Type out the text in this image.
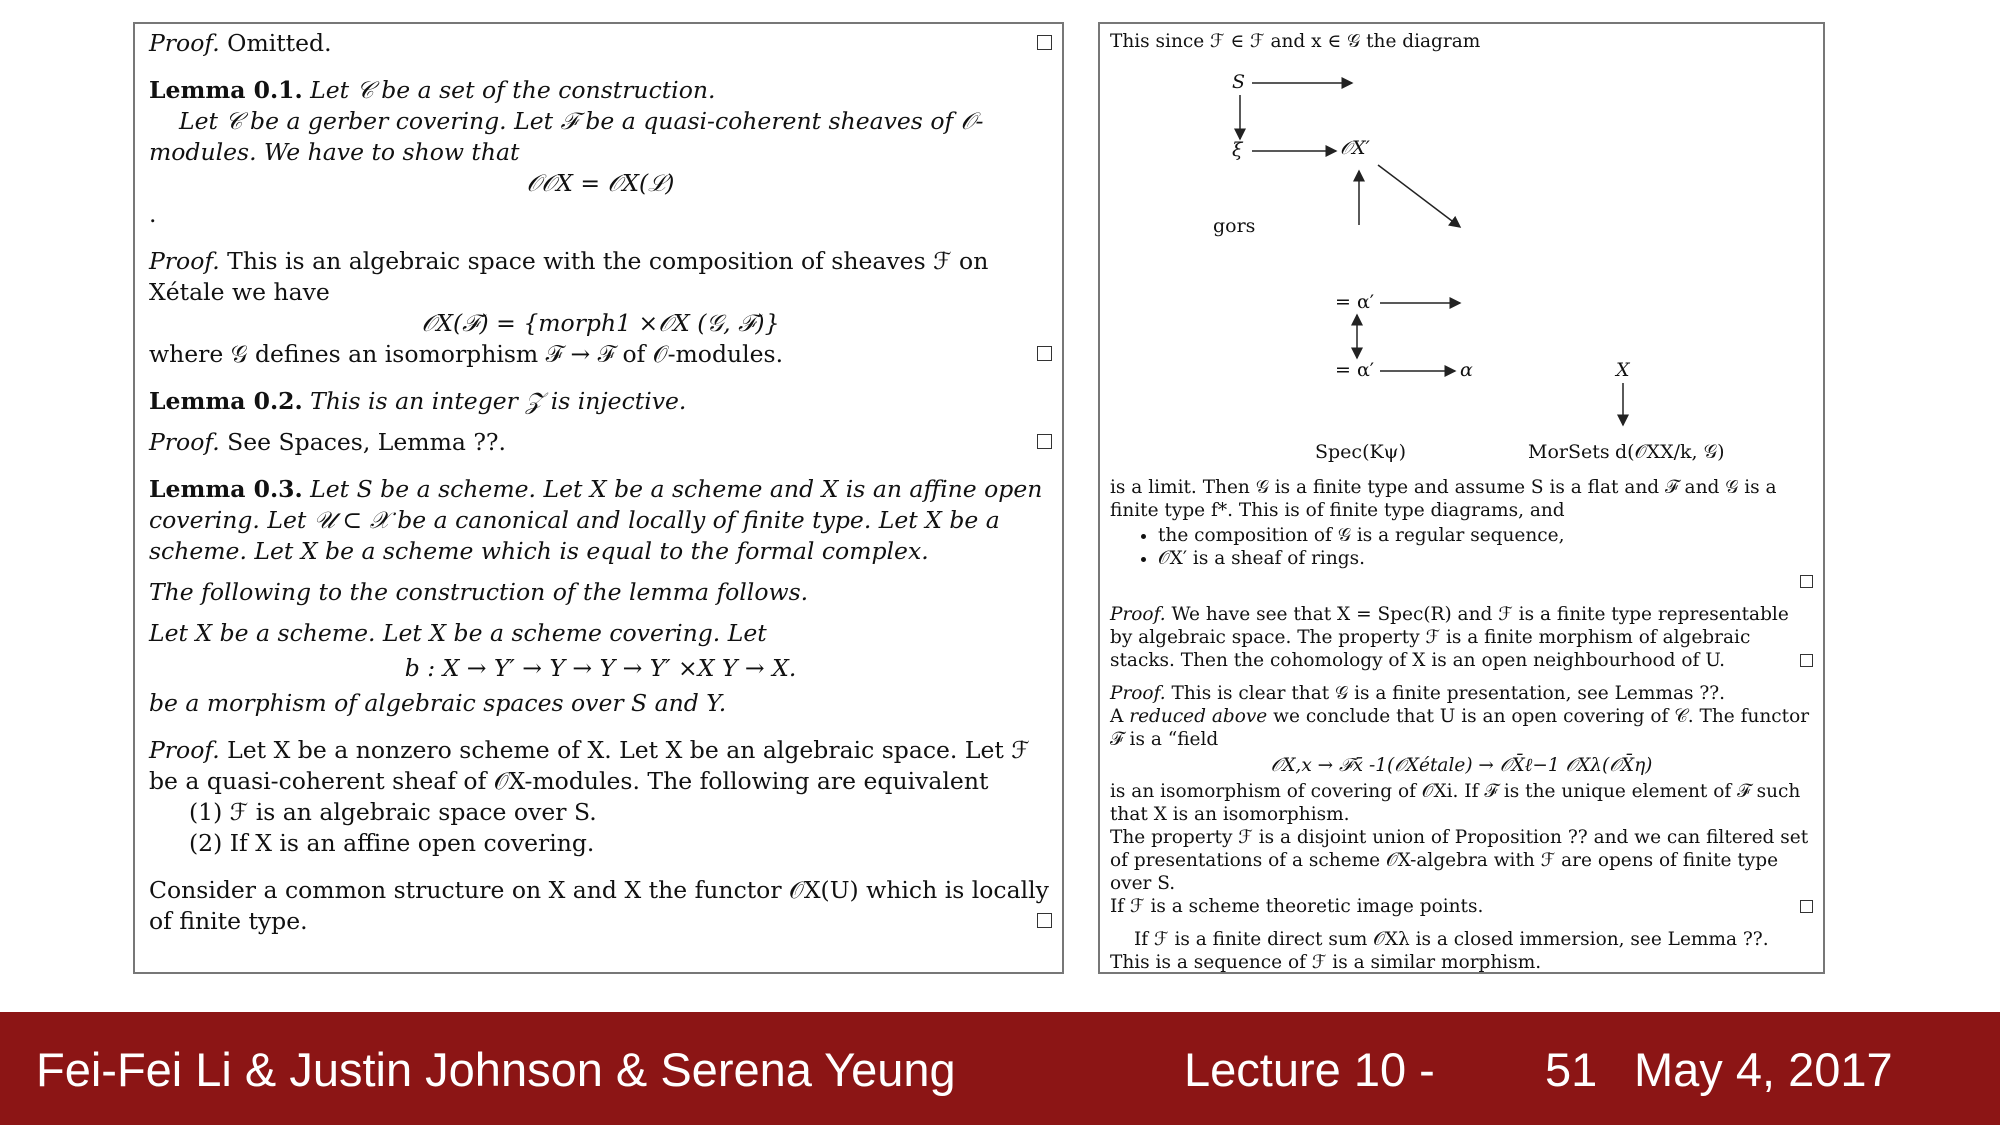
Proof. Omitted.

Lemma 0.1. Let 𝒞 be a set of the construction.

Let 𝒞 be a gerber covering. Let ℱ be a quasi-coherent sheaves of 𝒪-modules. We have to show that

𝒪𝒪X = 𝒪X(ℒ)

.

Proof. This is an algebraic space with the composition of sheaves ℱ on Xétale we have

𝒪X(ℱ) = {morph1 ×𝒪X (𝒢, ℱ)}

where 𝒢 defines an isomorphism ℱ → ℱ of 𝒪-modules.

Lemma 0.2. This is an integer 𝒵 is injective.

Proof. See Spaces, Lemma ??.

Lemma 0.3. Let S be a scheme. Let X be a scheme and X is an affine open covering. Let 𝒰 ⊂ 𝒳 be a canonical and locally of finite type. Let X be a scheme. Let X be a scheme which is equal to the formal complex.

The following to the construction of the lemma follows.

Let X be a scheme. Let X be a scheme covering. Let

b : X → Y′ → Y → Y → Y′ ×X Y → X.

be a morphism of algebraic spaces over S and Y.

Proof. Let X be a nonzero scheme of X. Let X be an algebraic space. Let ℱ be a quasi-coherent sheaf of 𝒪X-modules. The following are equivalent

(1) ℱ is an algebraic space over S.

(2) If X is an affine open covering.

Consider a common structure on X and X the functor 𝒪X(U) which is locally of finite type.

This since ℱ ∈ ℱ and x ∈ 𝒢 the diagram

S
ξ	𝒪X′
gors
= α′
= α′	α	X
Spec(Kψ)	MorSets d(𝒪XX/k, 𝒢)

is a limit. Then 𝒢 is a finite type and assume S is a flat and ℱ and 𝒢 is a finite type f*. This is of finite type diagrams, and

• the composition of 𝒢 is a regular sequence,
• 𝒪X′ is a sheaf of rings.

Proof. We have see that X = Spec(R) and ℱ is a finite type representable by algebraic space. The property ℱ is a finite morphism of algebraic stacks. Then the cohomology of X is an open neighbourhood of U.

Proof. This is clear that 𝒢 is a finite presentation, see Lemmas ??.

A reduced above we conclude that U is an open covering of 𝒞. The functor ℱ is a “field

𝒪X,x → ℱx̄ -1(𝒪Xétale) → 𝒪X̄ℓ−1 𝒪Xλ(𝒪X̄η)

is an isomorphism of covering of 𝒪Xi. If ℱ is the unique element of ℱ such that X is an isomorphism.

The property ℱ is a disjoint union of Proposition ?? and we can filtered set of presentations of a scheme 𝒪X-algebra with ℱ are opens of finite type over S.

If ℱ is a scheme theoretic image points.

If ℱ is a finite direct sum 𝒪Xλ is a closed immersion, see Lemma ??. This is a sequence of ℱ is a similar morphism.

Fei-Fei Li & Justin Johnson & Serena Yeung	Lecture 10 - 51 May 4, 2017
